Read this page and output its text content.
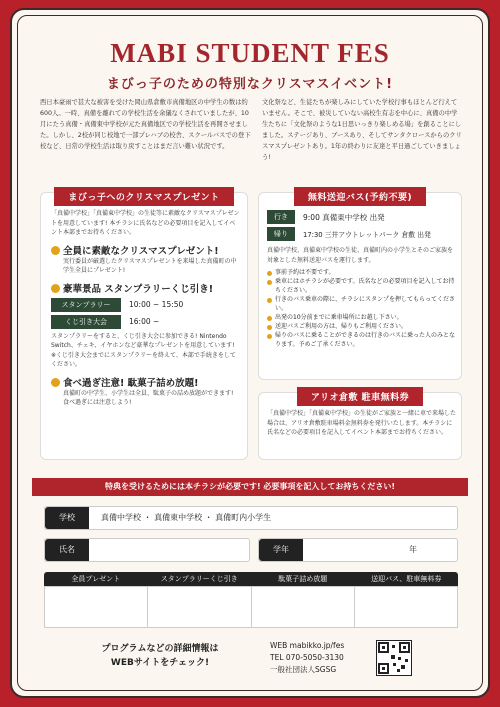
MABI STUDENT FES
まびっ子のための特別なクリスマスイベント!
西日本豪雨で甚大な被害を受けた岡山県倉敷市真備地区の中学生の数は約600人。一時、真備を離れての学校生活を余儀なくされていましたが、10月にたう真備・真備東中学校が元た真備地区での学校生活を再開させました。しかし、2校が同じ校地で一部プレハブの校舎、スクールバスでの登下校など、日常の学校生活は取り戻すことはまだ言い難い状況です。
文化祭など、生徒たちが楽しみにしていた学校行事もほとんど行えていません。そこで、被災していない高校生有志を中心に、真備の中学生たちに「文化祭のような1日思いっきり楽しめる場」を創ることにしました。ステージあり、ブースあり、そしてサンタクロースからのクリスマスプレゼントあり。1年の終わりに友達と平日過ごしていきましょう!
まびっ子へのクリスマスプレゼント
「真備中学校」「真備東中学校」の生徒等に素敵なクリスマスプレゼントを用意しています! 本チラシに氏名などの必要項目を記入してイベント本部までお持ちください。
全員に素敵なクリスマスプレゼント!
実行委員が厳選したクリスマスプレゼントを来場した真備町の中学生全員にプレゼント!
豪華景品 スタンプラリーくじ引き!
スタンプラリー	10:00 ~ 15:50
くじ引き大会	16:00 ~
スタンプラリーをすると、くじ引き大会に参加できる! Nintendo Switch、チェキ、イヤホンなど豪華なプレゼントを用意しています! ※くじ引き大会までにスタンプラリーを終えて、本部で手続きをしてください。
食べ過ぎ注意! 駄菓子詰め放題!
真備町の中学生、小学生は全員、駄菓子の詰め放題ができます! 食べ過ぎには注意しよう!
無料送迎バス(予約不要)
行き	9:00 真備東中学校 出発
帰り	17:30 三井アウトレットパーク 倉敷 出発
真備中学校、真備東中学校の生徒、真備町内の小学生とそのご家族を対象とした無料送迎バスを運行します。
事前予約は不要です。
乗車にはホチラシが必要です。氏名などの必要項目を記入してお持ちください。
行きのバス乗車の際に、チラシにスタンプを押してもらってください。
出発の10分前までに乗車場所にお越し下さい。
送迎バスご利用の方は、帰りもご利用ください。
帰りのバスに乗ることができるのは行きのバスに乗った人のみとなります。予めご了承ください。
アリオ倉敷 駐車無料券
「真備中学校」「真備東中学校」の生徒がご家族と一緒に車で来場した場合は、アリオ倉敷駐車場料金無料券を発行いたします。本チラシに氏名などの必要項目を記入してイベント本部までお持ちください。
特典を受けるためには本チラシが必要です! 必要事項を記入してお持ちください!
学校	真備中学校 ・ 真備東中学校 ・ 真備町内小学生
氏名	学年	年
全員プレゼント	スタンプラリーくじ引き	駄菓子詰め放題	送迎バス、駐車無料券
プログラムなどの詳細情報は
WEBサイトをチェック!
WEB mabikko.jp/fes
TEL 070-5050-3130
一般社団法人SGSG
